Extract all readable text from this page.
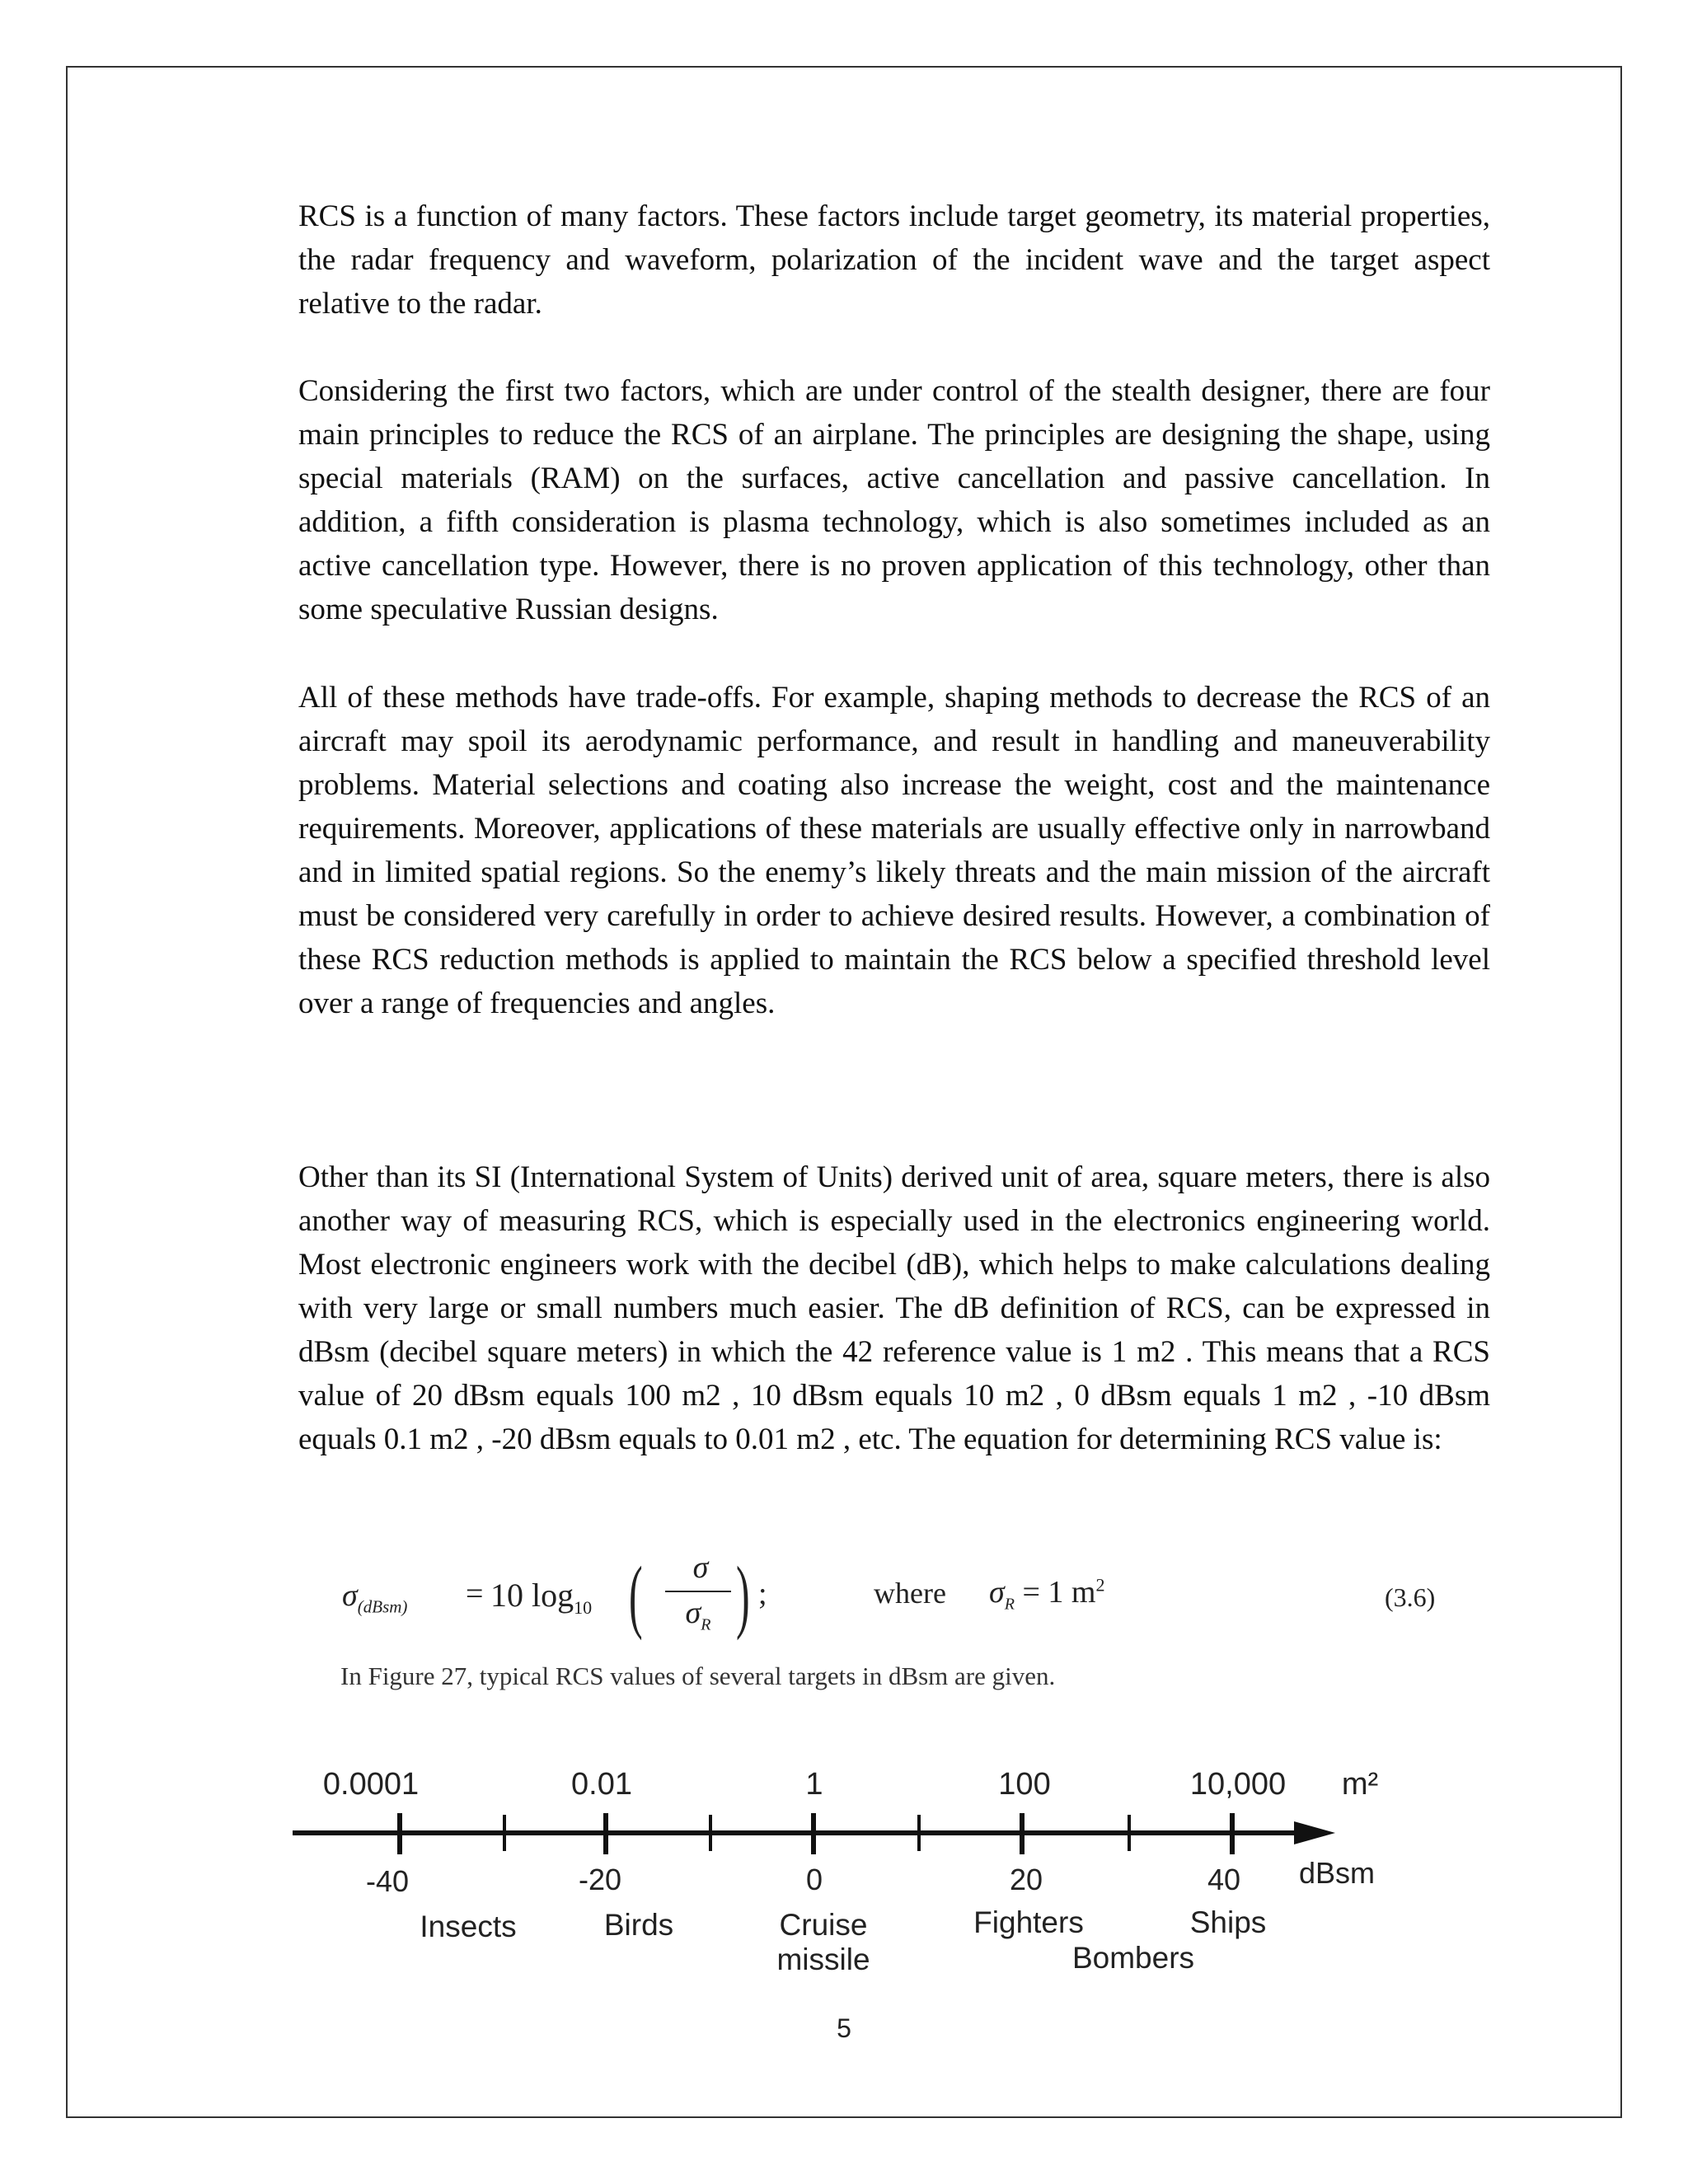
RCS is a function of many factors. These factors include target geometry, its material properties, the radar frequency and waveform, polarization of the incident wave and the target aspect relative to the radar.

Considering the first two factors, which are under control of the stealth designer, there are four main principles to reduce the RCS of an airplane. The principles are designing the shape, using special materials (RAM) on the surfaces, active cancellation and passive cancellation. In addition, a fifth consideration is plasma technology, which is also sometimes included as an active cancellation type. However, there is no proven application of this technology, other than some speculative Russian designs.

All of these methods have trade-offs. For example, shaping methods to decrease the RCS of an aircraft may spoil its aerodynamic performance, and result in handling and maneuverability problems. Material selections and coating also increase the weight, cost and the maintenance requirements. Moreover, applications of these materials are usually effective only in narrowband and in limited spatial regions. So the enemy’s likely threats and the main mission of the aircraft must be considered very carefully in order to achieve desired results. However, a combination of these RCS reduction methods is applied to maintain the RCS below a specified threshold level over a range of frequencies and angles.

Other than its SI (International System of Units) derived unit of area, square meters, there is also another way of measuring RCS, which is especially used in the electronics engineering world. Most electronic engineers work with the decibel (dB), which helps to make calculations dealing with very large or small numbers much easier. The dB definition of RCS, can be expressed in dBsm (decibel square meters) in which the 42 reference value is 1 m2 . This means that a RCS value of 20 dBsm equals 100 m2 , 10 dBsm equals 10 m2 , 0 dBsm equals 1 m2 , -10 dBsm equals 0.1 m2 , -20 dBsm equals to 0.01 m2 , etc. The equation for determining RCS value is:

$\sigma_{(dBsm)} = 10$ $\log_{10}$ (	σ
$\sigma_R$ ) ;	where $\sigma_R = 1$ $m^2$	(3.6)
In Figure 27, typical RCS values of several targets in dBsm are given.
0.0001	0.01	1	100	10,000 m²
-40	-20	0	20	40 dBsm
Insects	Birds	Cruise
missile
Fighters	Ships
Bombers
5
